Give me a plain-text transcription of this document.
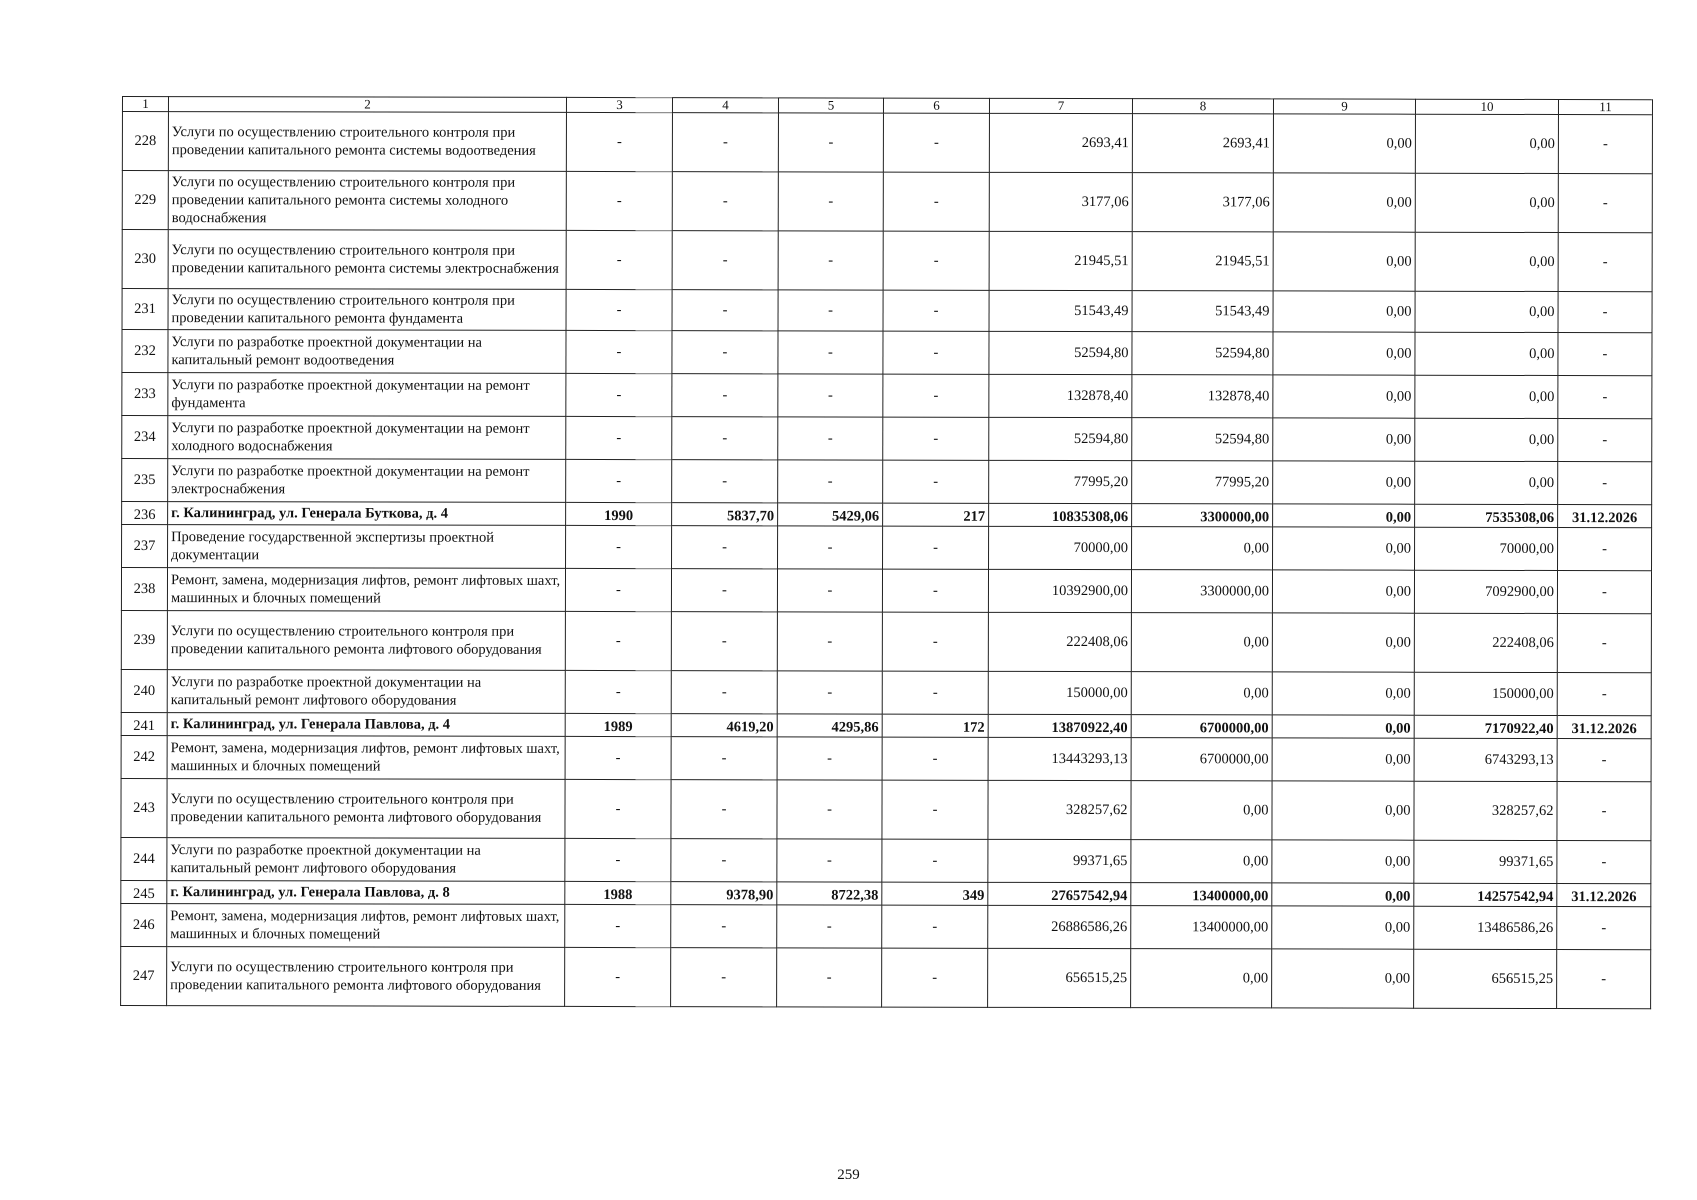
1	2	3	4	5	6	7	8	9	10	11
228	Услуги по осуществлению строительного контроля при проведении капитального ремонта системы водоотведения	-	-	-	-	2693,41	2693,41	0,00	0,00	-
229	Услуги по осуществлению строительного контроля при проведении капитального ремонта системы холодного водоснабжения	-	-	-	-	3177,06	3177,06	0,00	0,00	-
230	Услуги по осуществлению строительного контроля при проведении капитального ремонта системы электроснабжения	-	-	-	-	21945,51	21945,51	0,00	0,00	-
231	Услуги по осуществлению строительного контроля при проведении капитального ремонта фундамента	-	-	-	-	51543,49	51543,49	0,00	0,00	-
232	Услуги по разработке проектной документации на капитальный ремонт водоотведения	-	-	-	-	52594,80	52594,80	0,00	0,00	-
233	Услуги по разработке проектной документации на ремонт фундамента	-	-	-	-	132878,40	132878,40	0,00	0,00	-
234	Услуги по разработке проектной документации на ремонт холодного водоснабжения	-	-	-	-	52594,80	52594,80	0,00	0,00	-
235	Услуги по разработке проектной документации на ремонт электроснабжения	-	-	-	-	77995,20	77995,20	0,00	0,00	-
236	г. Калининград, ул. Генерала Буткова, д. 4	1990	5837,70	5429,06	217	10835308,06	3300000,00	0,00	7535308,06	31.12.2026
237	Проведение государственной экспертизы проектной документации	-	-	-	-	70000,00	0,00	0,00	70000,00	-
238	Ремонт, замена, модернизация лифтов, ремонт лифтовых шахт, машинных и блочных помещений	-	-	-	-	10392900,00	3300000,00	0,00	7092900,00	-
239	Услуги по осуществлению строительного контроля при проведении капитального ремонта лифтового оборудования	-	-	-	-	222408,06	0,00	0,00	222408,06	-
240	Услуги по разработке проектной документации на капитальный ремонт лифтового оборудования	-	-	-	-	150000,00	0,00	0,00	150000,00	-
241	г. Калининград, ул. Генерала Павлова, д. 4	1989	4619,20	4295,86	172	13870922,40	6700000,00	0,00	7170922,40	31.12.2026
242	Ремонт, замена, модернизация лифтов, ремонт лифтовых шахт, машинных и блочных помещений	-	-	-	-	13443293,13	6700000,00	0,00	6743293,13	-
243	Услуги по осуществлению строительного контроля при проведении капитального ремонта лифтового оборудования	-	-	-	-	328257,62	0,00	0,00	328257,62	-
244	Услуги по разработке проектной документации на капитальный ремонт лифтового оборудования	-	-	-	-	99371,65	0,00	0,00	99371,65	-
245	г. Калининград, ул. Генерала Павлова, д. 8	1988	9378,90	8722,38	349	27657542,94	13400000,00	0,00	14257542,94	31.12.2026
246	Ремонт, замена, модернизация лифтов, ремонт лифтовых шахт, машинных и блочных помещений	-	-	-	-	26886586,26	13400000,00	0,00	13486586,26	-
247	Услуги по осуществлению строительного контроля при проведении капитального ремонта лифтового оборудования	-	-	-	-	656515,25	0,00	0,00	656515,25	-
259
